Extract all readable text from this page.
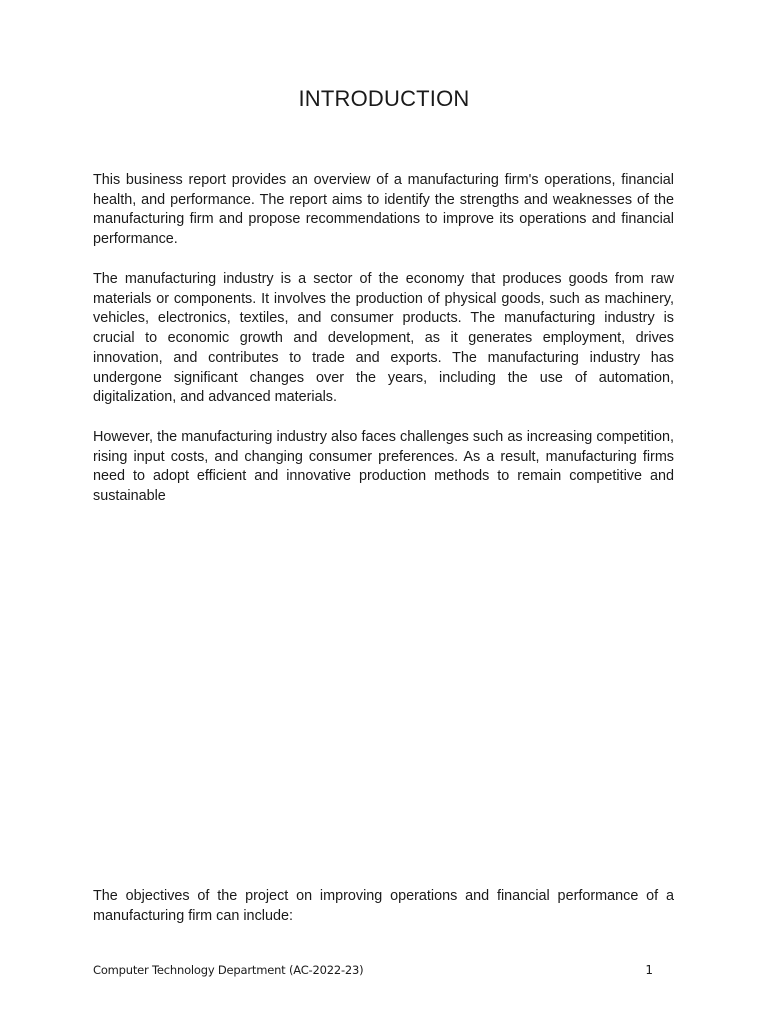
INTRODUCTION

This business report provides an overview of a manufacturing firm's operations, financial health, and performance. The report aims to identify the strengths and weaknesses of the manufacturing firm and propose recommendations to improve its operations and financial performance.

The manufacturing industry is a sector of the economy that produces goods from raw materials or components. It involves the production of physical goods, such as machinery, vehicles, electronics, textiles, and consumer products. The manufacturing industry is crucial to economic growth and development, as it generates employment, drives innovation, and contributes to trade and exports. The manufacturing industry has undergone significant changes over the years, including the use of automation, digitalization, and advanced materials.

However, the manufacturing industry also faces challenges such as increasing competition, rising input costs, and changing consumer preferences. As a result, manufacturing firms need to adopt efficient and innovative production methods to remain competitive and sustainable

The objectives of the project on improving operations and financial performance of a manufacturing firm can include:

Computer Technology Department (AC-2022-23)	1
